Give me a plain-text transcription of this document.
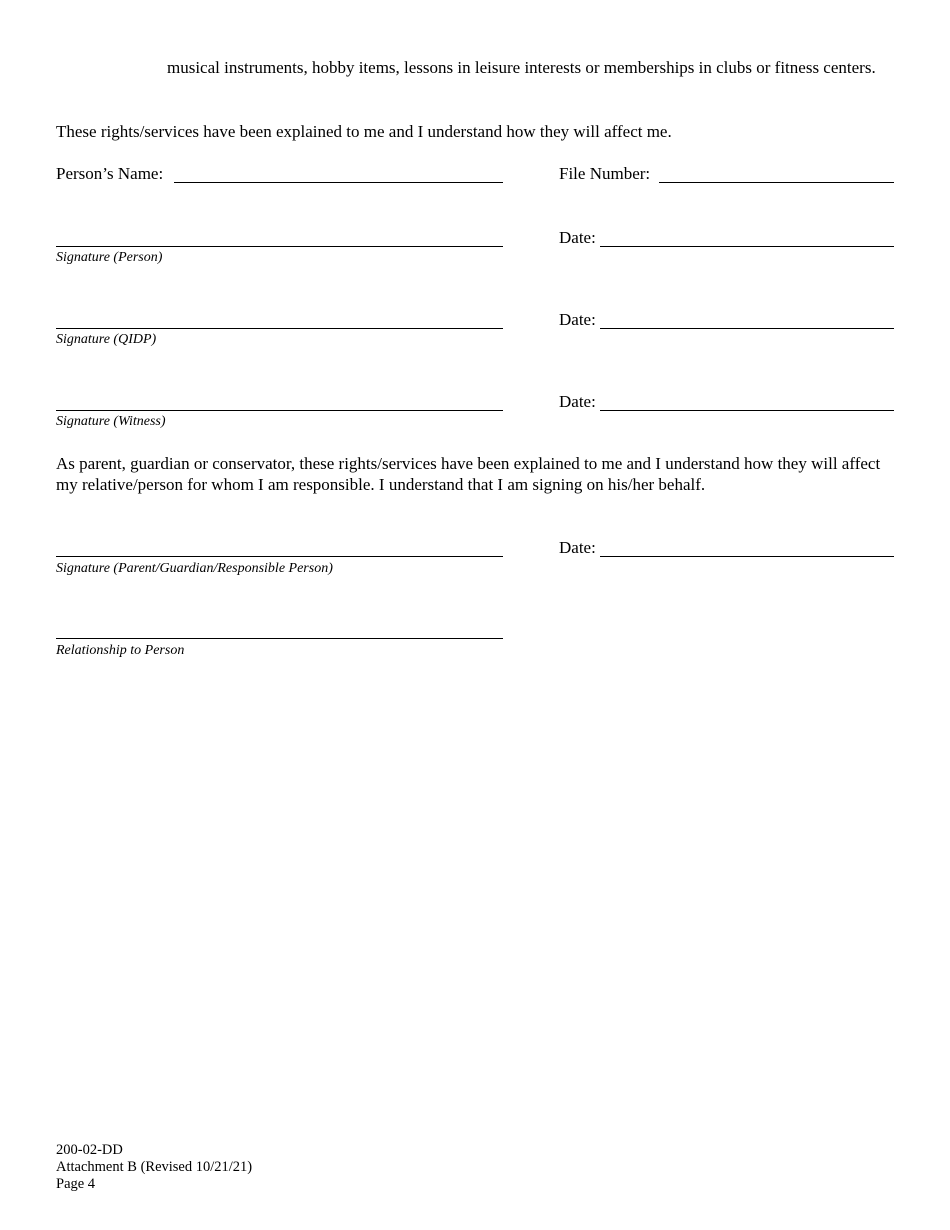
musical instruments, hobby items, lessons in leisure interests or memberships in clubs or fitness centers.
These rights/services have been explained to me and I understand how they will affect me.
Person’s Name:	File Number:
Signature (Person)
Date:
Signature (QIDP)
Date:
Signature (Witness)
Date:
As parent, guardian or conservator, these rights/services have been explained to me and I understand how they will affect my relative/person for whom I am responsible. I understand that I am signing on his/her behalf.
Signature (Parent/Guardian/Responsible Person)
Date:
Relationship to Person
200-02-DD
Attachment B (Revised 10/21/21)
Page 4
